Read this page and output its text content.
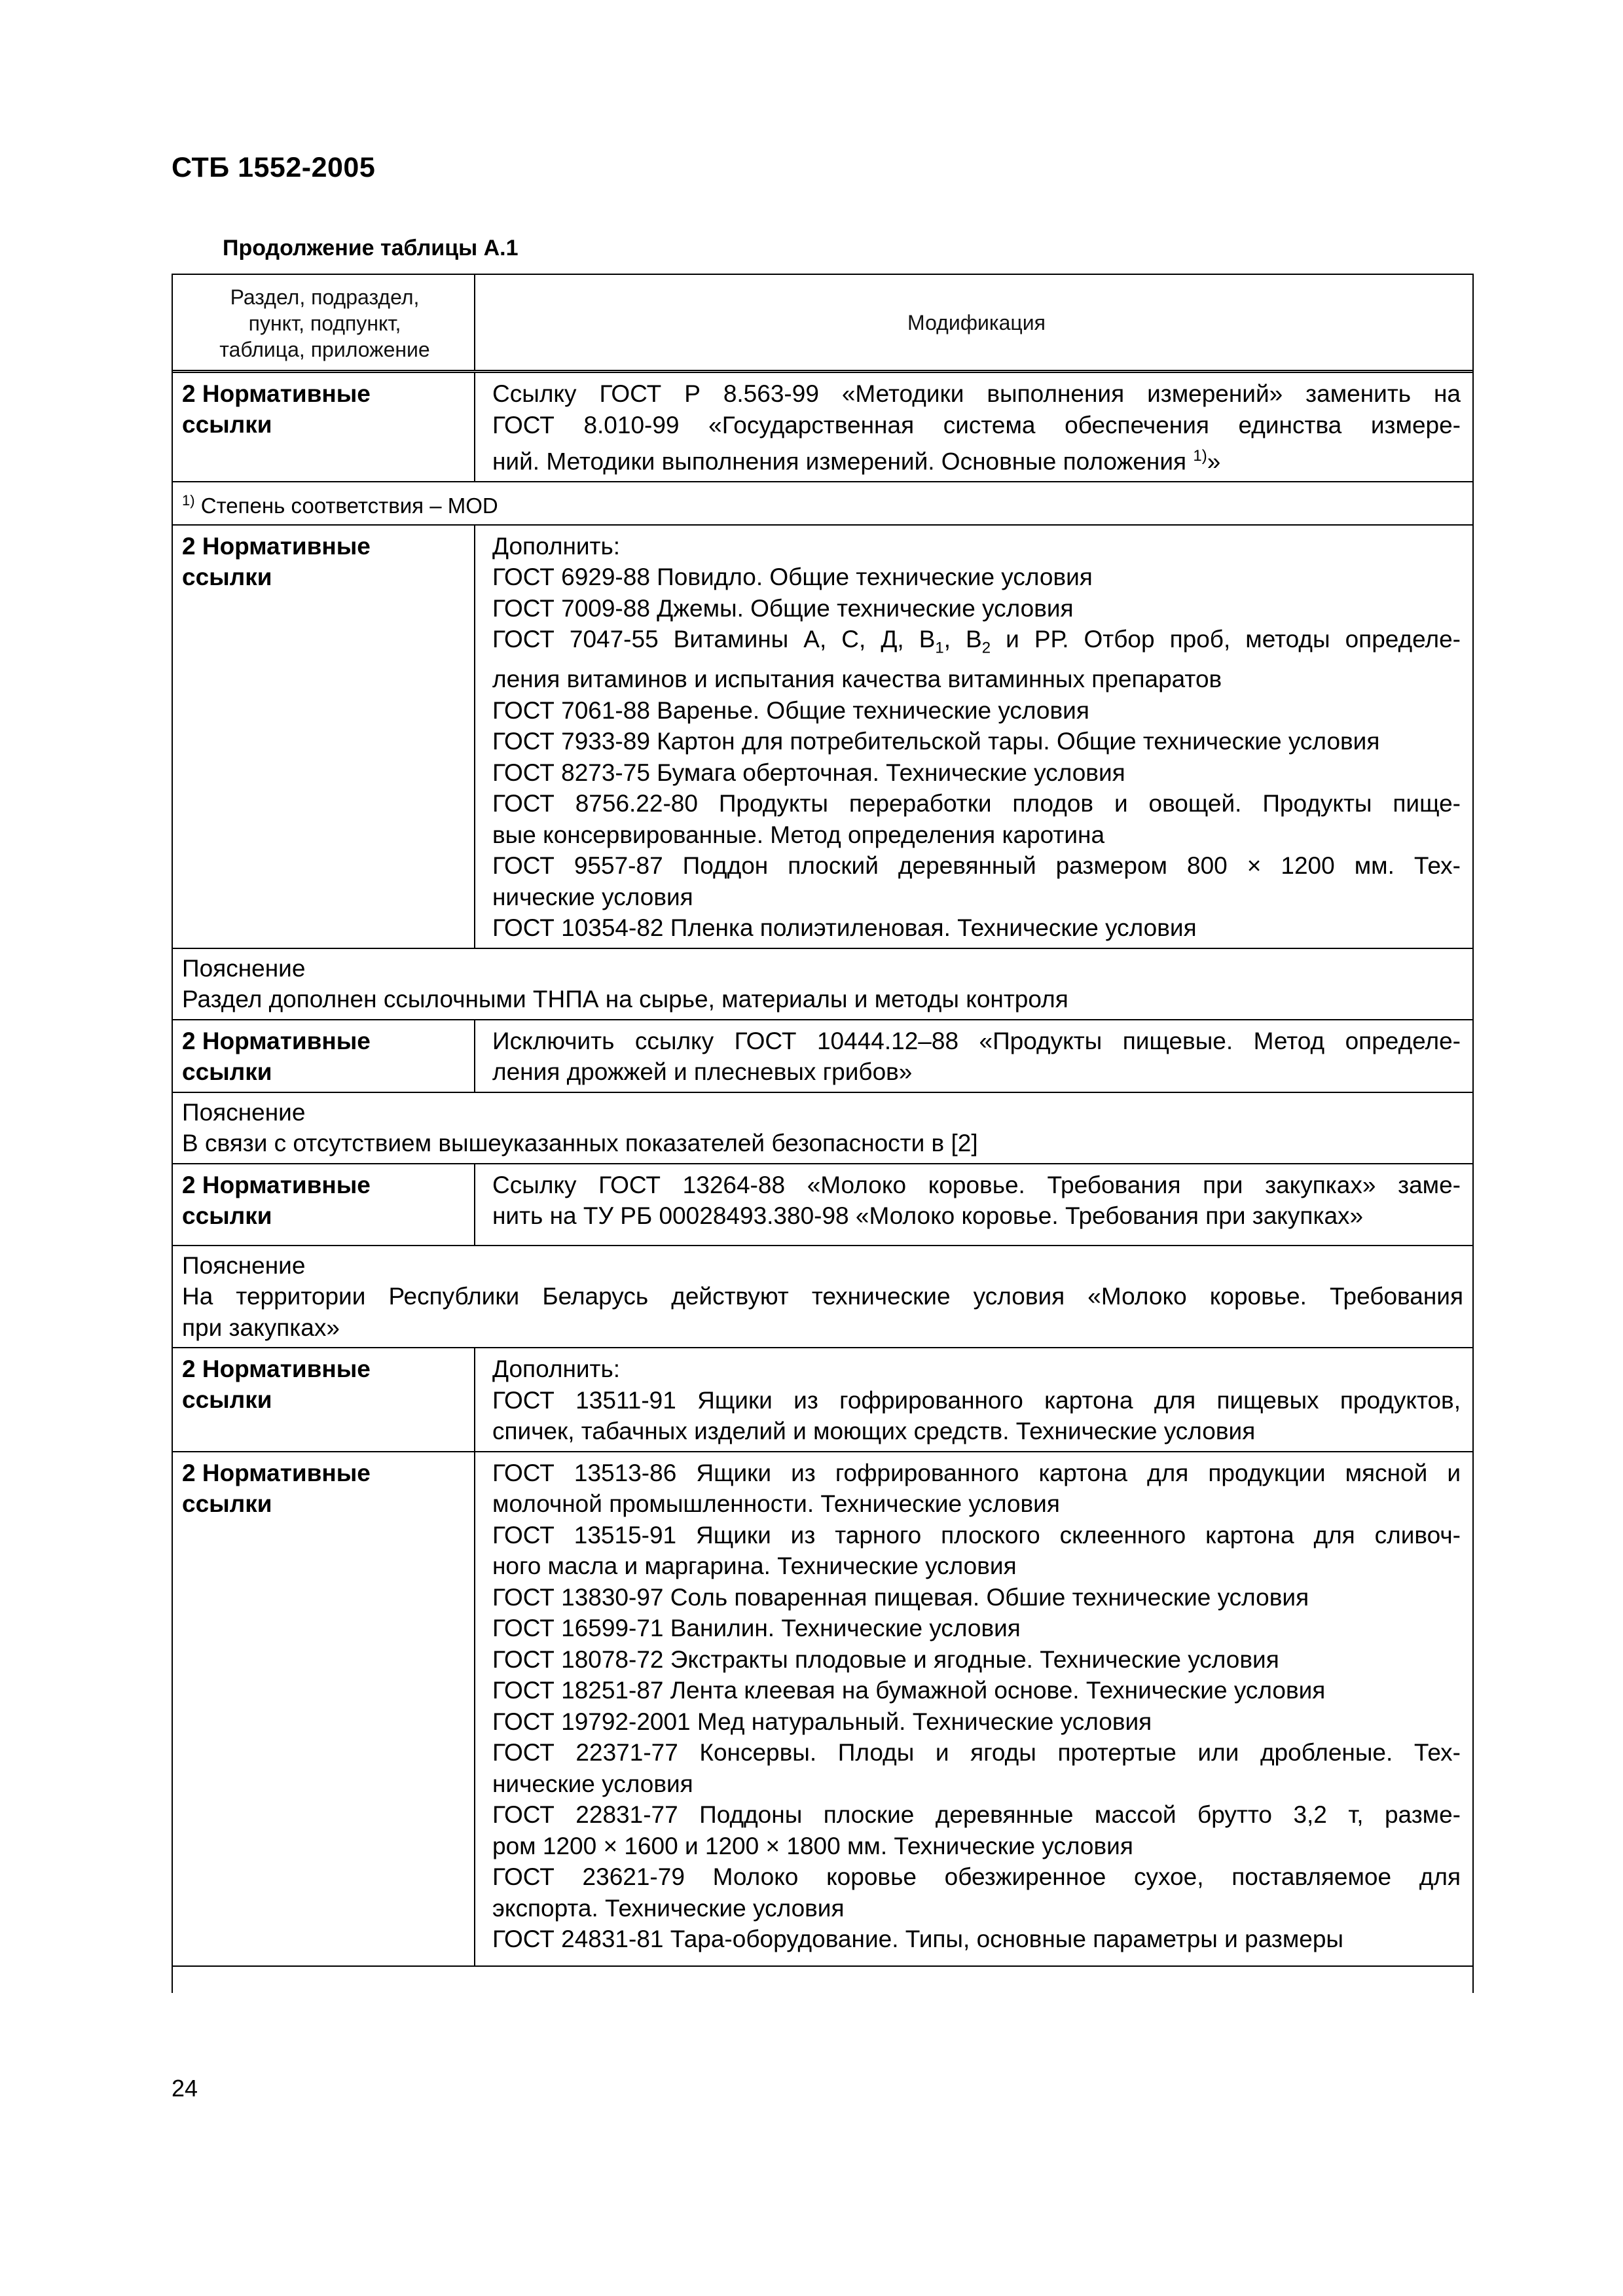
СТБ 1552-2005
Продолжение таблицы А.1
Раздел, подраздел,
пункт, подпункт,
таблица, приложение
Модификация
2 Нормативные
ссылки
Ссылку ГОСТ Р 8.563-99 «Методики выполнения измерений» заменить на
ГОСТ 8.010-99 «Государственная система обеспечения единства измере-
ний. Методики выполнения измерений. Основные положения $^{1)}$»
$^{1)}$ Степень соответствия – MOD
2 Нормативные
ссылки
Дополнить:
ГОСТ 6929-88 Повидло. Общие технические условия
ГОСТ 7009-88 Джемы. Общие технические условия
ГОСТ 7047-55 Витамины А, С, Д, $В_1$, $В_2$ и РР. Отбор проб, методы определе-
ления витаминов и испытания качества витаминных препаратов
ГОСТ 7061-88 Варенье. Общие технические условия
ГОСТ 7933-89 Картон для потребительской тары. Общие технические условия
ГОСТ 8273-75 Бумага оберточная. Технические условия
ГОСТ 8756.22-80 Продукты переработки плодов и овощей. Продукты пище-
вые консервированные. Метод определения каротина
ГОСТ 9557-87 Поддон плоский деревянный размером 800 × 1200 мм. Тех-
нические условия
ГОСТ 10354-82 Пленка полиэтиленовая. Технические условия
Пояснение
Раздел дополнен ссылочными ТНПА на сырье, материалы и методы контроля
2 Нормативные
ссылки
Исключить ссылку ГОСТ 10444.12–88 «Продукты пищевые. Метод определе-
ления дрожжей и плесневых грибов»
Пояснение
В связи с отсутствием вышеуказанных показателей безопасности в [2]
2 Нормативные
ссылки
Ссылку ГОСТ 13264-88 «Молоко коровье. Требования при закупках» заме-
нить на ТУ РБ 00028493.380-98 «Молоко коровье. Требования при закупках»
Пояснение
На территории Республики Беларусь действуют технические условия «Молоко коровье. Требования
при закупках»
2 Нормативные
ссылки
Дополнить:
ГОСТ 13511-91 Ящики из гофрированного картона для пищевых продуктов,
спичек, табачных изделий и моющих средств. Технические условия
2 Нормативные
ссылки
ГОСТ 13513-86 Ящики из гофрированного картона для продукции мясной и
молочной промышленности. Технические условия
ГОСТ 13515-91 Ящики из тарного плоского склеенного картона для сливоч-
ного масла и маргарина. Технические условия
ГОСТ 13830-97 Соль поваренная пищевая. Обшие технические условия
ГОСТ 16599-71 Ванилин. Технические условия
ГОСТ 18078-72 Экстракты плодовые и ягодные. Технические условия
ГОСТ 18251-87 Лента клеевая на бумажной основе. Технические условия
ГОСТ 19792-2001 Мед натуральный. Технические условия
ГОСТ 22371-77 Консервы. Плоды и ягоды протертые или дробленые. Тех-
нические условия
ГОСТ 22831-77 Поддоны плоские деревянные массой брутто 3,2 т, разме-
ром 1200 × 1600 и 1200 × 1800 мм. Технические условия
ГОСТ 23621-79 Молоко коровье обезжиренное сухое, поставляемое для
экспорта. Технические условия
ГОСТ 24831-81 Тара-оборудование. Типы, основные параметры и размеры
24
